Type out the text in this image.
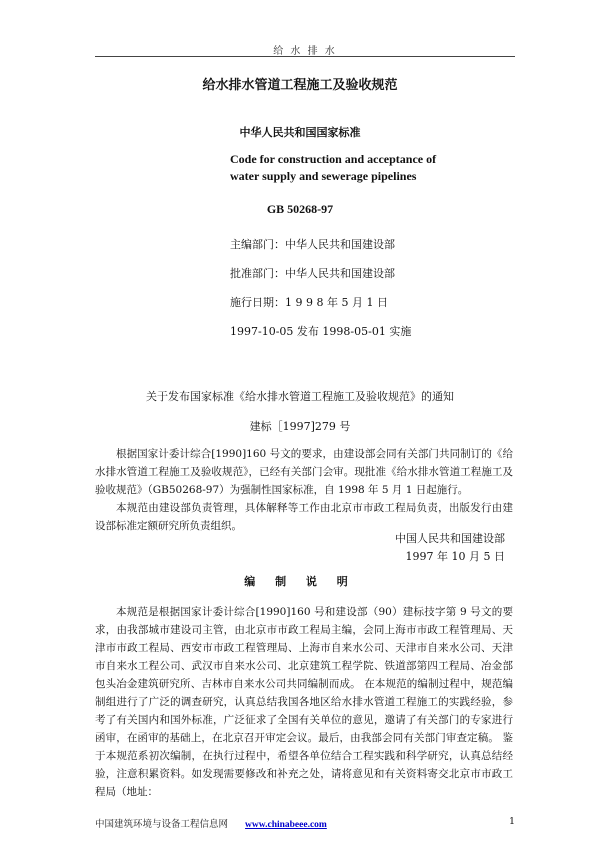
给 水 排 水
给水排水管道工程施工及验收规范
中华人民共和国国家标准
Code for construction and acceptance of
water supply and sewerage pipelines
GB 50268-97
主编部门：中华人民共和国建设部
批准部门：中华人民共和国建设部
施行日期：1 9 9 8 年 5 月 1 日
1997-10-05 发布 1998-05-01 实施
关于发布国家标准《给水排水管道工程施工及验收规范》的通知
建标［1997]279 号

根据国家计委计综合[1990]160 号文的要求，由建设部会同有关部门共同制订的《给水排水管道工程施工及验收规范》，已经有关部门会审。现批准《给水排水管道工程施工及验收规范》（GB50268-97）为强制性国家标准，自 1998 年 5 月 1 日起施行。

本规范由建设部负责管理，具体解释等工作由北京市市政工程局负责，出版发行由建设部标准定额研究所负责组织。

中国人民共和国建设部
1997 年 10 月 5 日
编 制 说 明

本规范是根据国家计委计综合[1990]160 号和建设部（90）建标技字第 9 号文的要求，由我部城市建设司主管，由北京市市政工程局主编，会同上海市市政工程管理局、天津市市政工程局、西安市市政工程管理局、上海市自来水公司、天津市自来水公司、天津市自来水工程公司、武汉市自来水公司、北京建筑工程学院、铁道部第四工程局、冶金部包头冶金建筑研究所、吉林市自来水公司共同编制而成。 在本规范的编制过程中，规范编制组进行了广泛的调查研究，认真总结我国各地区给水排水管道工程施工的实践经验，参考了有关国内和国外标准，广泛征求了全国有关单位的意见，邀请了有关部门的专家进行函审，在函审的基础上，在北京召开审定会议。最后，由我部会同有关部门审查定稿。 鉴于本规范系初次编制，在执行过程中，希望各单位结合工程实践和科学研究，认真总结经验，注意积累资料。如发现需要修改和补充之处，请将意见和有关资料寄交北京市市政工程局（地址：

中国建筑环境与设备工程信息网 www.chinabeee.com	1
